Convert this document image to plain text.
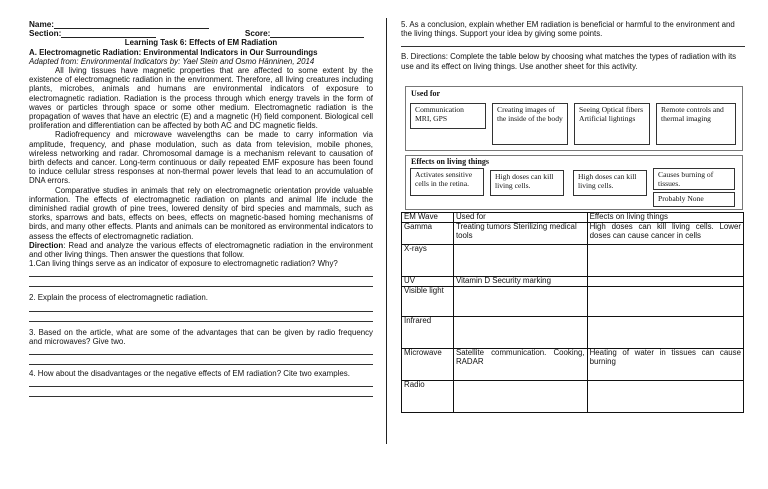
Name:
Section:	Score:
Learning Task 6: Effects of EM Radiation
A. Electromagnetic Radiation: Environmental Indicators in Our Surroundings
Adapted from: Environmental Indicators by: Yael Stein and Osmo Hänninen, 2014

All living tissues have magnetic properties that are affected to some extent by the existence of electromagnetic radiation in the environment. Therefore, all living creatures including plants, microbes, animals and humans are environmental indicators of exposure to electromagnetic radiation. Radiation is the process through which energy travels in the form of waves or particles through space or some other medium. Electromagnetic radiation is the propagation of waves that have an electric (E) and a magnetic (H) field component. Biological cell proliferation and differentiation can be affected by both AC and DC magnetic fields.

Radiofrequency and microwave wavelengths can be made to carry information via amplitude, frequency, and phase modulation, such as data from television, mobile phones, wireless networking and radar. Chromosomal damage is a mechanism relevant to causation of birth defects and cancer. Long-term continuous or daily repeated EMF exposure has been found to induce cellular stress responses at non-thermal power levels that lead to an accumulation of DNA errors.

Comparative studies in animals that rely on electromagnetic orientation provide valuable information. The effects of electromagnetic radiation on plants and animal life include the diminished radial growth of pine trees, lowered density of bird species and mammals, such as storks, sparrows and bats, effects on bees, effects on magnetic-based homing mechanisms of birds, and many other effects. Plants and animals can be monitored as environmental indicators to assess the effects of electromagnetic radiation.

Direction: Read and analyze the various effects of electromagnetic radiation in the environment and other living things. Then answer the questions that follow.

1.Can living things serve as an indicator of exposure to electromagnetic radiation? Why?

2. Explain the process of electromagnetic radiation.

3. Based on the article, what are some of the advantages that can be given by radio frequency and microwaves? Give two.

4. How about the disadvantages or the negative effects of EM radiation? Cite two examples.

5. As a conclusion, explain whether EM radiation is beneficial or harmful to the environment and the living things. Support your idea by giving some points.

B. Directions: Complete the table below by choosing what matches the types of radiation with its use and its effect on living things. Use another sheet for this activity.

Used for
Communication MRI, GPS
Creating images of the inside of the body
Seeing Optical fibers Artificial lightings
Remote controls and thermal imaging
Effects on living things
Activates sensitive cells in the retina.
High doses can kill living cells.
High doses can kill living cells.
Causes burning of tissues.
Probably None
EM Wave	Used for	Effects on living things
Gamma	Treating tumors Sterilizing medical tools	High doses can kill living cells. Lower doses can cause cancer in cells
X-rays		
UV	Vitamin D Security marking	
Visible light		
Infrared		
Microwave	Satellite communication. Cooking, RADAR	Heating of water in tissues can cause burning
Radio		
